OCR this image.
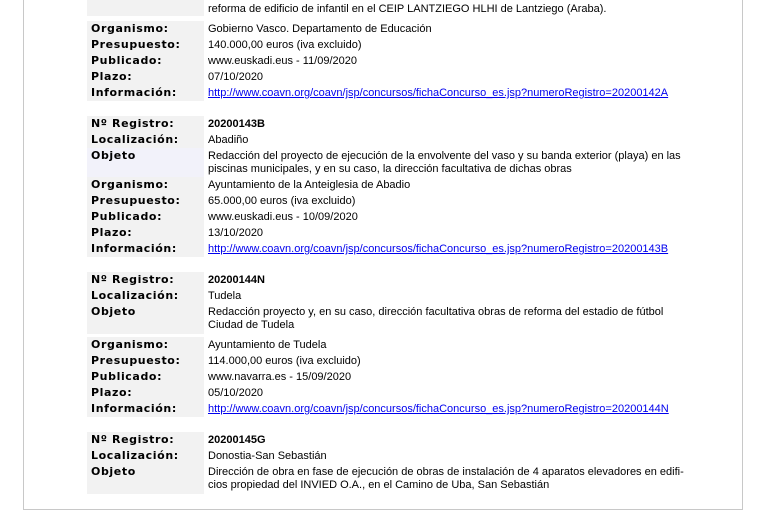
reforma de edificio de infantil en el CEIP LANTZIEGO HLHI de Lantziego (Araba).
Organismo:	Gobierno Vasco. Departamento de Educación
Presupuesto:	140.000,00 euros (iva excluido)
Publicado:	www.euskadi.eus - 11/09/2020
Plazo:	07/10/2020
Información:	http://www.coavn.org/coavn/jsp/concursos/fichaConcurso_es.jsp?numeroRegistro=20200142A
Nº Registro:	20200143B
Localización:	Abadiño
Objeto	Redacción del proyecto de ejecución de la envolvente del vaso y su banda exterior (playa) en las piscinas municipales, y en su caso, la dirección facultativa de dichas obras
Organismo:	Ayuntamiento de la Anteiglesia de Abadio
Presupuesto:	65.000,00 euros (iva excluido)
Publicado:	www.euskadi.eus - 10/09/2020
Plazo:	13/10/2020
Información:	http://www.coavn.org/coavn/jsp/concursos/fichaConcurso_es.jsp?numeroRegistro=20200143B
Nº Registro:	20200144N
Localización:	Tudela
Objeto	Redacción proyecto y, en su caso, dirección facultativa obras de reforma del estadio de fútbol Ciudad de Tudela
Organismo:	Ayuntamiento de Tudela
Presupuesto:	114.000,00 euros (iva excluido)
Publicado:	www.navarra.es - 15/09/2020
Plazo:	05/10/2020
Información:	http://www.coavn.org/coavn/jsp/concursos/fichaConcurso_es.jsp?numeroRegistro=20200144N
Nº Registro:	20200145G
Localización:	Donostia-San Sebastián
Objeto	Dirección de obra en fase de ejecución de obras de instalación de 4 aparatos elevadores en edifi-cios propiedad del INVIED O.A., en el Camino de Uba, San Sebastián
